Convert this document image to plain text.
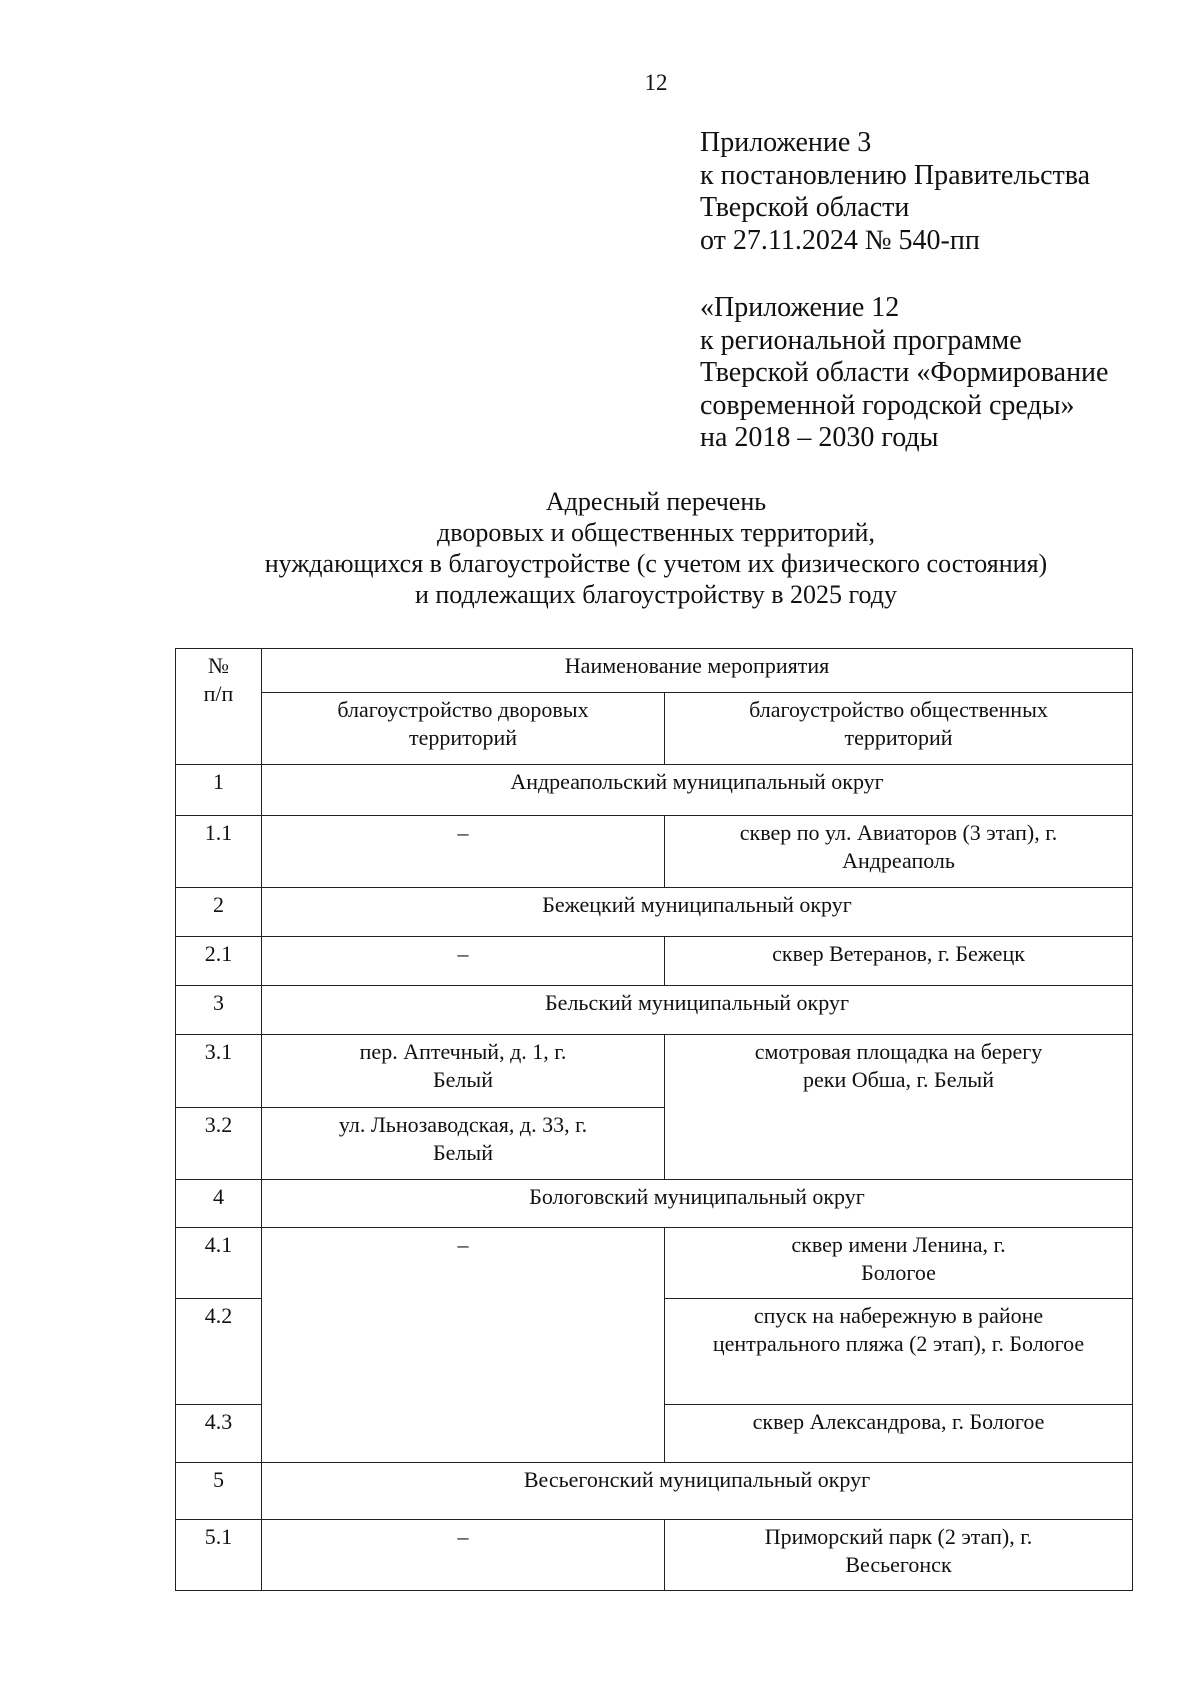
12
Приложение 3
к постановлению Правительства
Тверской области
от 27.11.2024 № 540-пп
«Приложение 12
к региональной программе
Тверской области «Формирование
современной городской среды»
на 2018 – 2030 годы
Адресный перечень
дворовых и общественных территорий,
нуждающихся в благоустройстве (с учетом их физического состояния)
и подлежащих благоустройству в 2025 году
№ п/п	Наименование мероприятия	

	благоустройство дворовых территорий	благоустройство общественных территорий

1	Андреапольский муниципальный округ	
1.1	–	сквер по ул. Авиаторов (3 этап), г. Андреаполь

2	Бежецкий муниципальный округ	
2.1	–	сквер Ветеранов, г. Бежецк
3	Бельский муниципальный округ	
3.1	пер. Аптечный, д. 1, г. Белый	смотровая площадка на берегу реки Обша, г. Белый

3.2	ул. Льнозаводская, д. 33, г. Белый	

4	Бологовский муниципальный округ	
4.1	–	сквер имени Ленина, г. Бологое

4.2		спуск на набережную в районе центрального пляжа (2 этап), г. Бологое

4.3		сквер Александрова, г. Бологое
5	Весьегонский муниципальный округ	
5.1	–	Приморский парк (2 этап), г. Весьегонск
